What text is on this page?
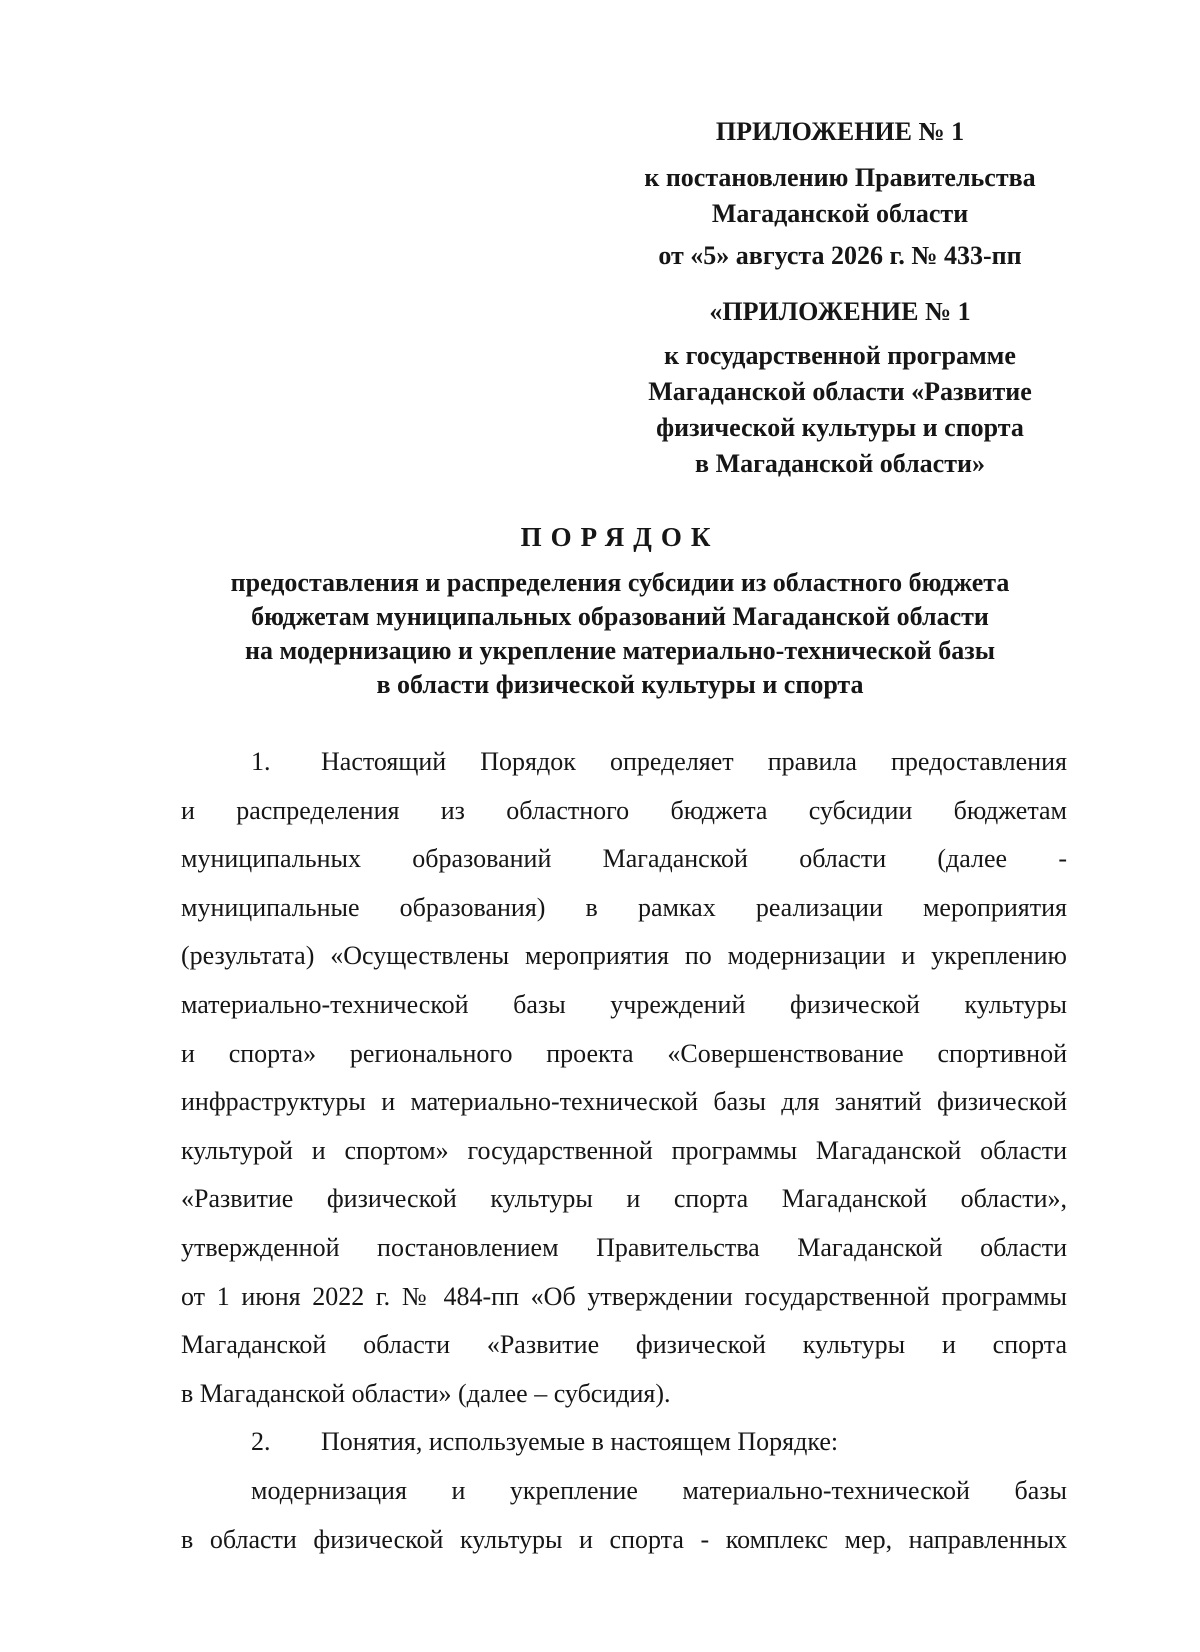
ПРИЛОЖЕНИЕ № 1
к постановлению Правительства
Магаданской области
от «5» августа 2026 г. № 433-пп
«ПРИЛОЖЕНИЕ № 1
к государственной программе
Магаданской области «Развитие
физической культуры и спорта
в Магаданской области»
ПОРЯДОК
предоставления и распределения субсидии из областного бюджета
бюджетам муниципальных образований Магаданской области
на модернизацию и укрепление материально-технической базы
в области физической культуры и спорта
1. Настоящий Порядок определяет правила предоставления
и распределения из областного бюджета субсидии бюджетам
муниципальных образований Магаданской области (далее -
муниципальные образования) в рамках реализации мероприятия
(результата) «Осуществлены мероприятия по модернизации и укреплению
материально-технической базы учреждений физической культуры
и спорта» регионального проекта «Совершенствование спортивной
инфраструктуры и материально-технической базы для занятий физической
культурой и спортом» государственной программы Магаданской области
«Развитие физической культуры и спорта Магаданской области»,
утвержденной постановлением Правительства Магаданской области
от 1 июня 2022 г. № 484-пп «Об утверждении государственной программы
Магаданской области «Развитие физической культуры и спорта
в Магаданской области» (далее – субсидия).
2. Понятия, используемые в настоящем Порядке:
модернизация и укрепление материально-технической базы
в области физической культуры и спорта - комплекс мер, направленных
